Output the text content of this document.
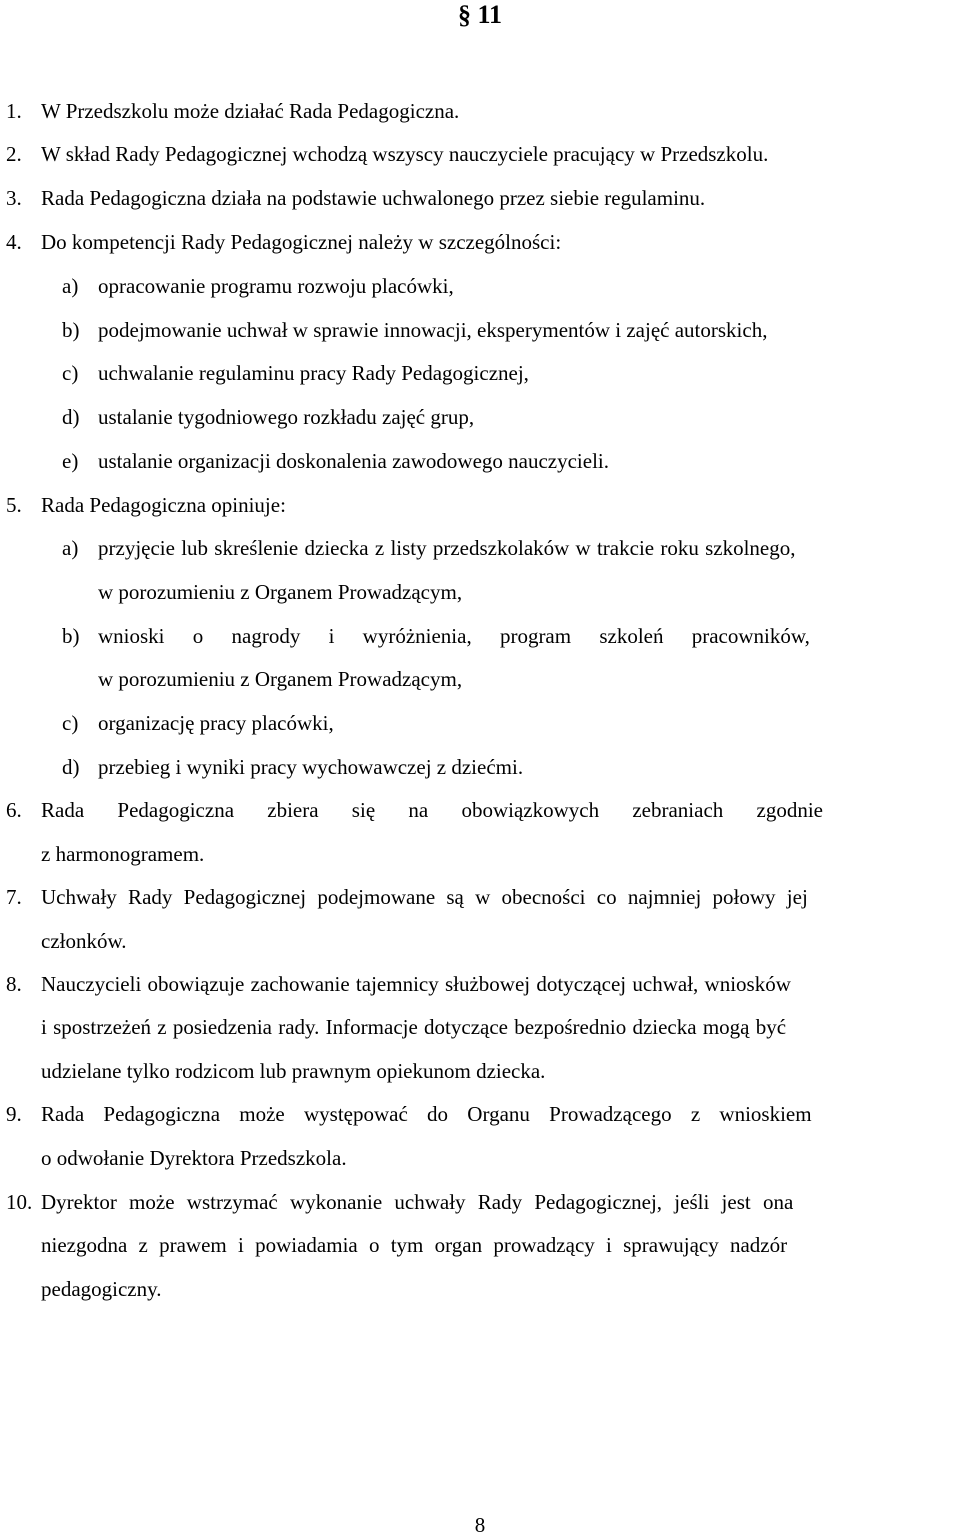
§ 11
1. W Przedszkolu może działać Rada Pedagogiczna.
2. W skład Rady Pedagogicznej wchodzą wszyscy nauczyciele pracujący w Przedszkolu.
3. Rada Pedagogiczna działa na podstawie uchwalonego przez siebie regulaminu.
4. Do kompetencji Rady Pedagogicznej należy w szczególności:
a) opracowanie programu rozwoju placówki,
b) podejmowanie uchwał w sprawie innowacji, eksperymentów i zajęć autorskich,
c) uchwalanie regulaminu pracy Rady Pedagogicznej,
d) ustalanie tygodniowego rozkładu zajęć grup,
e) ustalanie organizacji doskonalenia zawodowego nauczycieli.
5. Rada Pedagogiczna opiniuje:
a) przyjęcie lub skreślenie dziecka z listy przedszkolaków w trakcie roku szkolnego,
w porozumieniu z Organem Prowadzącym,
b) wnioski o nagrody i wyróżnienia, program szkoleń pracowników,
w porozumieniu z Organem Prowadzącym,
c) organizację pracy placówki,
d) przebieg i wyniki pracy wychowawczej z dziećmi.
6. Rada Pedagogiczna zbiera się na obowiązkowych zebraniach zgodnie
z harmonogramem.
7. Uchwały Rady Pedagogicznej podejmowane są w obecności co najmniej połowy jej
członków.
8. Nauczycieli obowiązuje zachowanie tajemnicy służbowej dotyczącej uchwał, wniosków
i spostrzeżeń z posiedzenia rady. Informacje dotyczące bezpośrednio dziecka mogą być
udzielane tylko rodzicom lub prawnym opiekunom dziecka.
9. Rada Pedagogiczna może występować do Organu Prowadzącego z wnioskiem
o odwołanie Dyrektora Przedszkola.
10. Dyrektor może wstrzymać wykonanie uchwały Rady Pedagogicznej, jeśli jest ona
niezgodna z prawem i powiadamia o tym organ prowadzący i sprawujący nadzór
pedagogiczny.
8
